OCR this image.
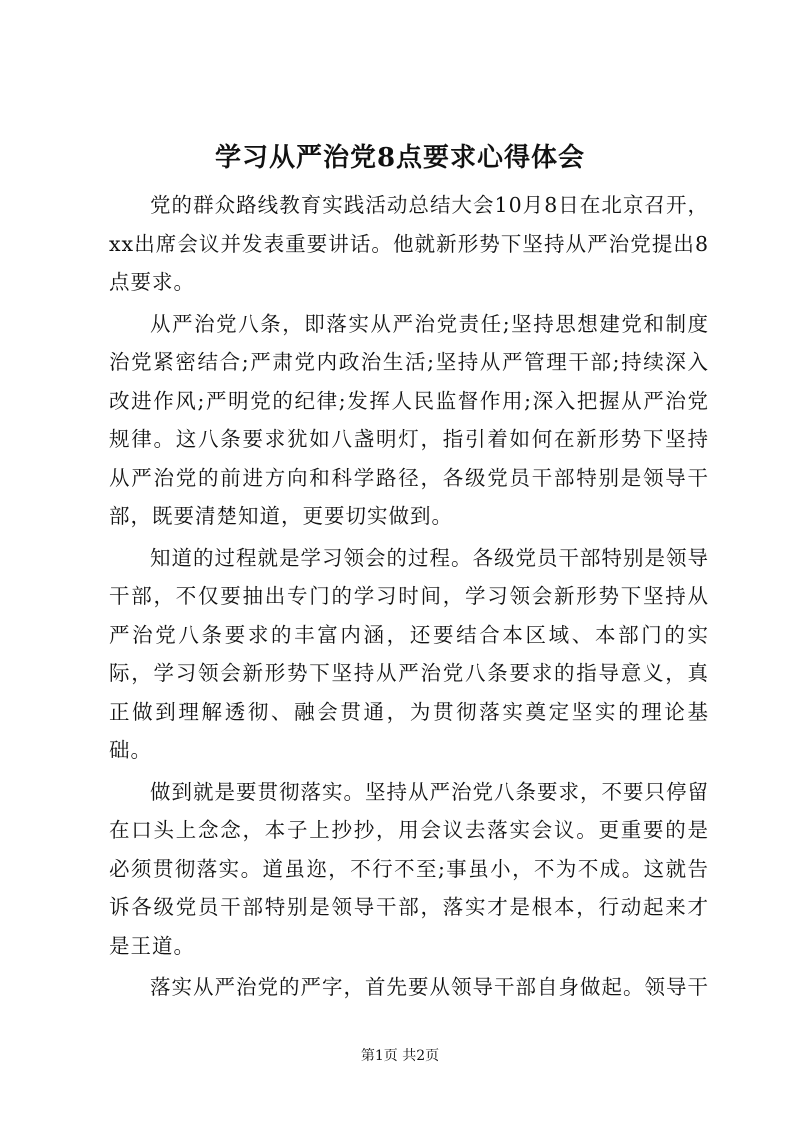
学习从严治党8点要求心得体会

党的群众路线教育实践活动总结大会10月8日在北京召开，xx出席会议并发表重要讲话。他就新形势下坚持从严治党提出8点要求。

从严治党八条，即落实从严治党责任;坚持思想建党和制度治党紧密结合;严肃党内政治生活;坚持从严管理干部;持续深入改进作风;严明党的纪律;发挥人民监督作用;深入把握从严治党规律。这八条要求犹如八盏明灯，指引着如何在新形势下坚持从严治党的前进方向和科学路径，各级党员干部特别是领导干部，既要清楚知道，更要切实做到。

知道的过程就是学习领会的过程。各级党员干部特别是领导干部，不仅要抽出专门的学习时间，学习领会新形势下坚持从严治党八条要求的丰富内涵，还要结合本区域、本部门的实际，学习领会新形势下坚持从严治党八条要求的指导意义，真正做到理解透彻、融会贯通，为贯彻落实奠定坚实的理论基础。

做到就是要贯彻落实。坚持从严治党八条要求，不要只停留在口头上念念，本子上抄抄，用会议去落实会议。更重要的是必须贯彻落实。道虽迩，不行不至;事虽小，不为不成。这就告诉各级党员干部特别是领导干部，落实才是根本，行动起来才是王道。

落实从严治党的严字，首先要从领导干部自身做起。领导干

第1页 共2页
